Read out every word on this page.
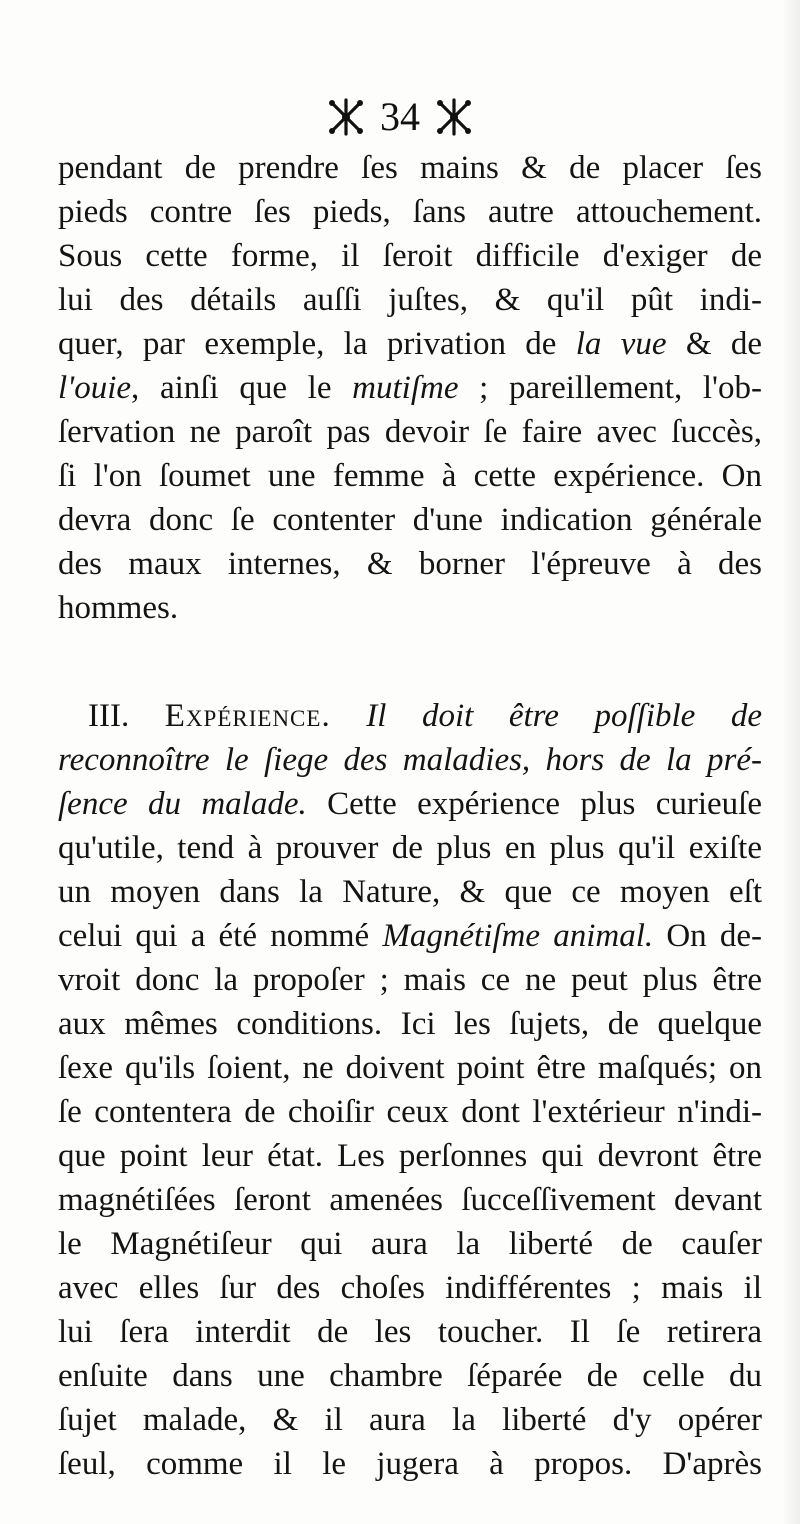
34
pendant de prendre ſes mains & de placer ſes
pieds contre ſes pieds, ſans autre attouchement.
Sous cette forme, il ſeroit difficile d'exiger de
lui des détails auſſi juſtes, & qu'il pût indi-
quer, par exemple, la privation de la vue & de
l'ouie, ainſi que le mutiſme ; pareillement, l'ob-
ſervation ne paroît pas devoir ſe faire avec ſuccès,
ſi l'on ſoumet une femme à cette expérience. On
devra donc ſe contenter d'une indication générale
des maux internes, & borner l'épreuve à des
hommes.
III. Expérience. Il doit être poſſible de
reconnoître le ſiege des maladies, hors de la pré-
ſence du malade. Cette expérience plus curieuſe
qu'utile, tend à prouver de plus en plus qu'il exiſte
un moyen dans la Nature, & que ce moyen eſt
celui qui a été nommé Magnétiſme animal. On de-
vroit donc la propoſer ; mais ce ne peut plus être
aux mêmes conditions. Ici les ſujets, de quelque
ſexe qu'ils ſoient, ne doivent point être maſqués; on
ſe contentera de choiſir ceux dont l'extérieur n'indi-
que point leur état. Les perſonnes qui devront être
magnétiſées ſeront amenées ſucceſſivement devant
le Magnétiſeur qui aura la liberté de cauſer
avec elles ſur des choſes indifférentes ; mais il
lui ſera interdit de les toucher. Il ſe retirera
enſuite dans une chambre ſéparée de celle du
ſujet malade, & il aura la liberté d'y opérer
ſeul, comme il le jugera à propos. D'après
